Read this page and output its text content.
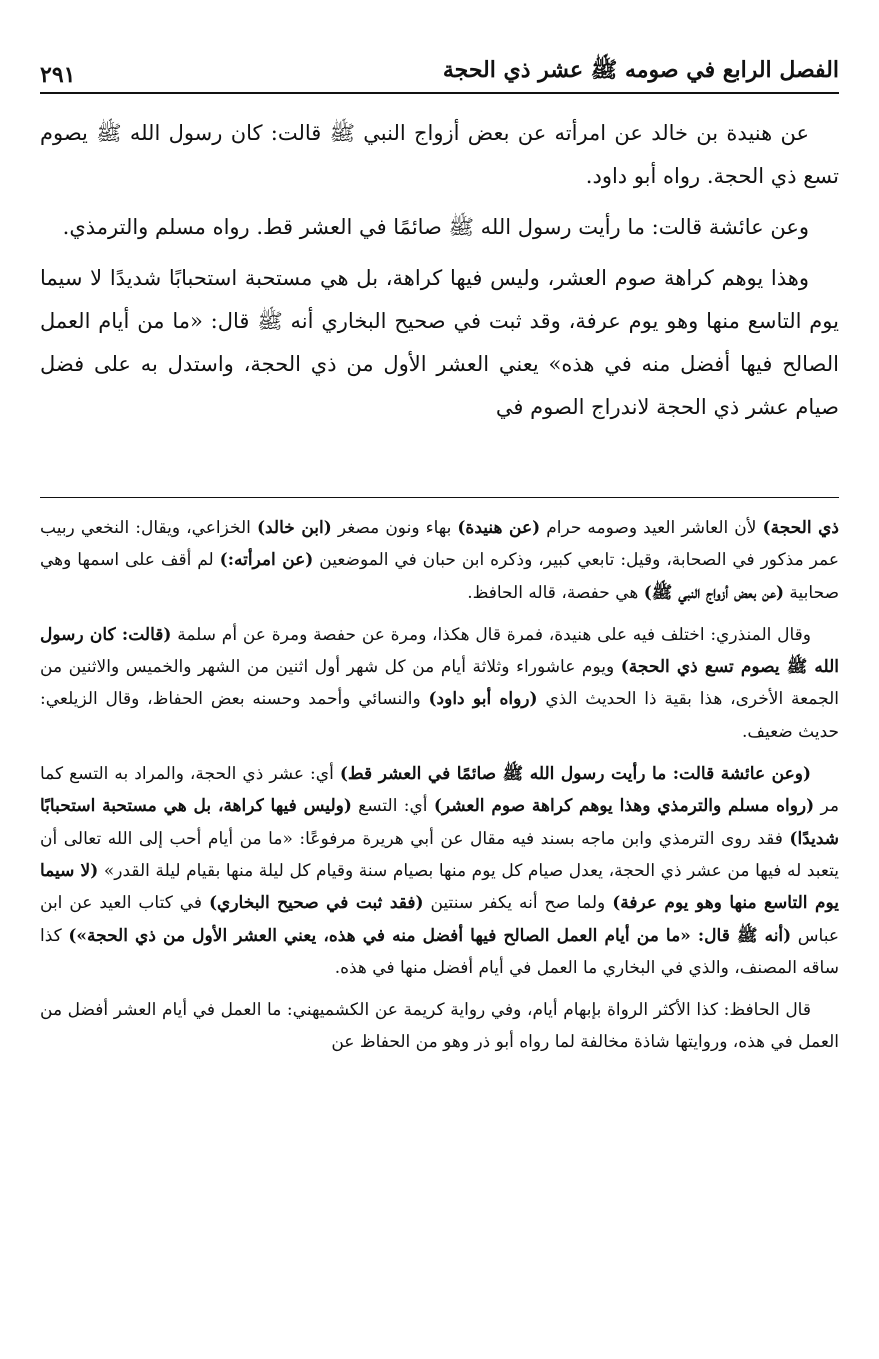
الفصل الرابع في صومه ﷺ عشر ذي الحجة
٢٩١

عن هنيدة بن خالد عن امرأته عن بعض أزواج النبي ﷺ قالت: كان رسول الله ﷺ يصوم تسع ذي الحجة. رواه أبو داود.

وعن عائشة قالت: ما رأيت رسول الله ﷺ صائمًا في العشر قط. رواه مسلم والترمذي.

وهذا يوهم كراهة صوم العشر، وليس فيها كراهة، بل هي مستحبة استحبابًا شديدًا لا سيما يوم التاسع منها وهو يوم عرفة، وقد ثبت في صحيح البخاري أنه ﷺ قال: «ما من أيام العمل الصالح فيها أفضل منه في هذه» يعني العشر الأول من ذي الحجة، واستدل به على فضل صيام عشر ذي الحجة لاندراج الصوم في

ذي الحجة) لأن العاشر العيد وصومه حرام (عن هنيدة) بهاء ونون مصغر (ابن خالد) الخزاعي، ويقال: النخعي ربيب عمر مذكور في الصحابة، وقيل: تابعي كبير، وذكره ابن حبان في الموضعين (عن امرأته:) لم أقف على اسمها وهي صحابية (عن بعض أزواج النبي ﷺ) هي حفصة، قاله الحافظ.

وقال المنذري: اختلف فيه على هنيدة، فمرة قال هكذا، ومرة عن حفصة ومرة عن أم سلمة (قالت: كان رسول الله ﷺ يصوم تسع ذي الحجة) ويوم عاشوراء وثلاثة أيام من كل شهر أول اثنين من الشهر والخميس والاثنين من الجمعة الأخرى، هذا بقية ذا الحديث الذي (رواه أبو داود) والنسائي وأحمد وحسنه بعض الحفاظ، وقال الزيلعي: حديث ضعيف.

(وعن عائشة قالت: ما رأيت رسول الله ﷺ صائمًا في العشر قط) أي: عشر ذي الحجة، والمراد به التسع كما مر (رواه مسلم والترمذي وهذا يوهم كراهة صوم العشر) أي: التسع (وليس فيها كراهة، بل هي مستحبة استحبابًا شديدًا) فقد روى الترمذي وابن ماجه بسند فيه مقال عن أبي هريرة مرفوعًا: «ما من أيام أحب إلى الله تعالى أن يتعبد له فيها من عشر ذي الحجة، يعدل صيام كل يوم منها بصيام سنة وقيام كل ليلة منها بقيام ليلة القدر» (لا سيما يوم التاسع منها وهو يوم عرفة) ولما صح أنه يكفر سنتين (فقد ثبت في صحيح البخاري) في كتاب العيد عن ابن عباس (أنه ﷺ قال: «ما من أيام العمل الصالح فيها أفضل منه في هذه، يعني العشر الأول من ذي الحجة») كذا ساقه المصنف، والذي في البخاري ما العمل في أيام أفضل منها في هذه.

قال الحافظ: كذا الأكثر الرواة بإبهام أيام، وفي رواية كريمة عن الكشميهني: ما العمل في أيام العشر أفضل من العمل في هذه، وروايتها شاذة مخالفة لما رواه أبو ذر وهو من الحفاظ عن
